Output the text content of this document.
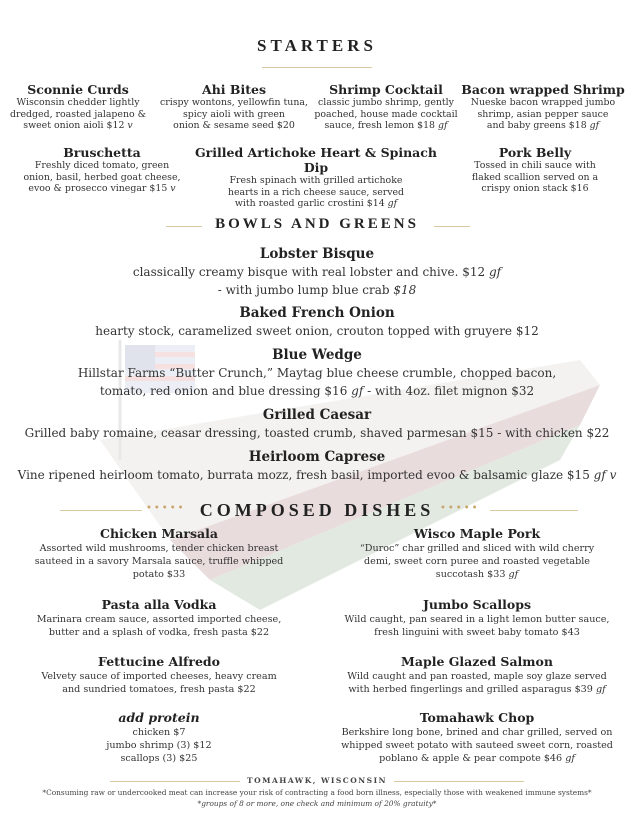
STARTERS
Sconnie Curds
Wisconsin chedder lightly
dredged, roasted jalapeno &
sweet onion aioli $12 v
Ahi Bites
crispy wontons, yellowfin tuna,
spicy aioli with green
onion & sesame seed $20
Shrimp Cocktail
classic jumbo shrimp, gently
poached, house made cocktail
sauce, fresh lemon $18 gf
Bacon wrapped Shrimp
Nueske bacon wrapped jumbo
shrimp, asian pepper sauce
and baby greens $18 gf
Bruschetta
Freshly diced tomato, green
onion, basil, herbed goat cheese,
evoo & prosecco vinegar $15 v
Grilled Artichoke Heart & Spinach Dip
Fresh spinach with grilled artichoke
hearts in a rich cheese sauce, served
with roasted garlic crostini $14 gf
Pork Belly
Tossed in chili sauce with
flaked scallion served on a
crispy onion stack $16
BOWLS AND GREENS
Lobster Bisque
classically creamy bisque with real lobster and chive. $12 gf
- with jumbo lump blue crab $18
Baked French Onion
hearty stock, caramelized sweet onion, crouton topped with gruyere $12
Blue Wedge
Hillstar Farms “Butter Crunch,” Maytag blue cheese crumble, chopped bacon,
tomato, red onion and blue dressing $16 gf - with 4oz. filet mignon $32
Grilled Caesar
Grilled baby romaine, ceasar dressing, toasted crumb, shaved parmesan $15 - with chicken $22
Heirloom Caprese
Vine ripened heirloom tomato, burrata mozz, fresh basil, imported evoo & balsamic glaze $15 gf v
••••• COMPOSED DISHES •••••
Chicken Marsala
Assorted wild mushrooms, tender chicken breast
sauteed in a savory Marsala sauce, truffle whipped
potato $33
Pasta alla Vodka
Marinara cream sauce, assorted imported cheese,
butter and a splash of vodka, fresh pasta $22
Fettucine Alfredo
Velvety sauce of imported cheeses, heavy cream
and sundried tomatoes, fresh pasta $22
add protein
chicken $7
jumbo shrimp (3) $12
scallops (3) $25
Wisco Maple Pork
“Duroc” char grilled and sliced with wild cherry
demi, sweet corn puree and roasted vegetable
succotash $33 gf
Jumbo Scallops
Wild caught, pan seared in a light lemon butter sauce,
fresh linguini with sweet baby tomato $43
Maple Glazed Salmon
Wild caught and pan roasted, maple soy glaze served
with herbed fingerlings and grilled asparagus $39 gf
Tomahawk Chop
Berkshire long bone, brined and char grilled, served on
whipped sweet potato with sauteed sweet corn, roasted
poblano & apple & pear compote $46 gf
TOMAHAWK, WISCONSIN
*Consuming raw or undercooked meat can increase your risk of contracting a food born illness, especially those with weakened immune systems*
*groups of 8 or more, one check and minimum of 20% gratuity*
